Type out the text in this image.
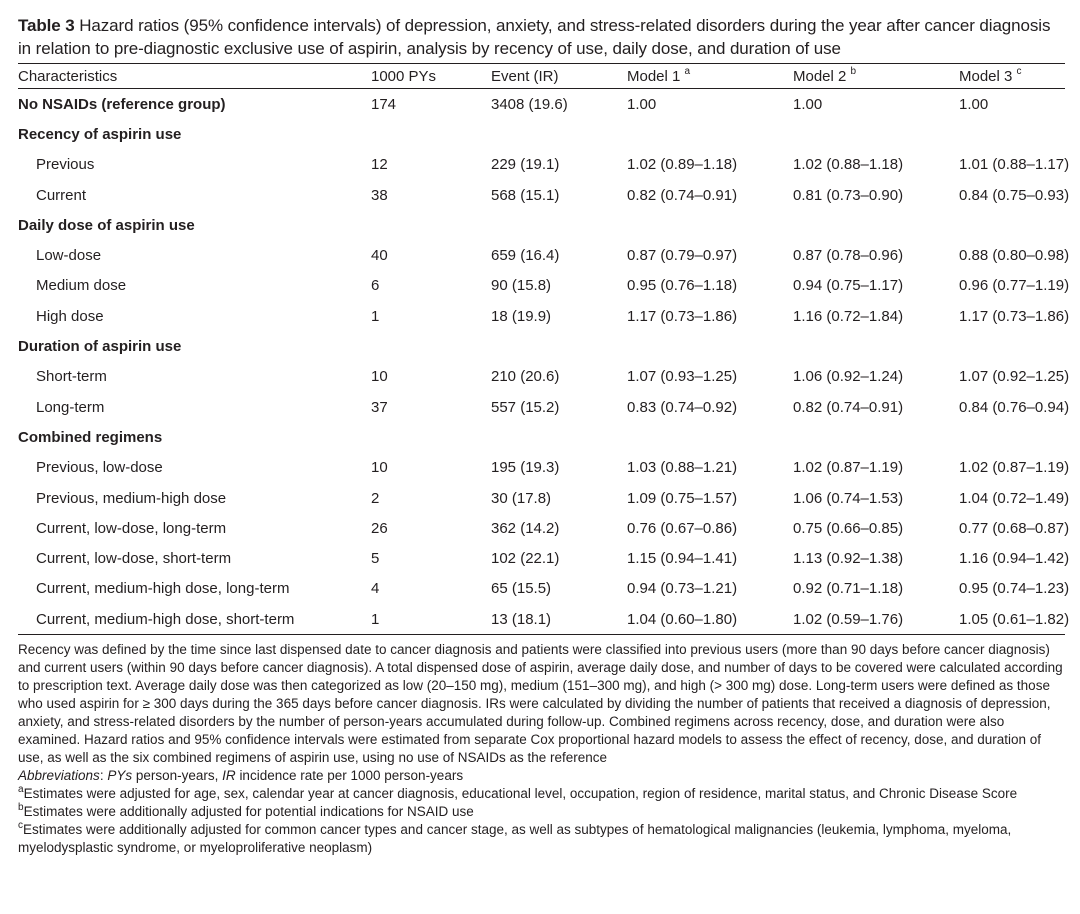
Table 3 Hazard ratios (95% confidence intervals) of depression, anxiety, and stress-related disorders during the year after cancer diagnosis in relation to pre-diagnostic exclusive use of aspirin, analysis by recency of use, daily dose, and duration of use
Characteristics	1000 PYs	Event (IR)	Model 1 $^a$	Model 2 $^b$	Model 3 $^c$
No NSAIDs (reference group)	174	3408 (19.6)	1.00	1.00	1.00
Recency of aspirin use					
Previous	12	229 (19.1)	1.02 (0.89–1.18)	1.02 (0.88–1.18)	1.01 (0.88–1.17)
Current	38	568 (15.1)	0.82 (0.74–0.91)	0.81 (0.73–0.90)	0.84 (0.75–0.93)
Daily dose of aspirin use					
Low-dose	40	659 (16.4)	0.87 (0.79–0.97)	0.87 (0.78–0.96)	0.88 (0.80–0.98)
Medium dose	6	90 (15.8)	0.95 (0.76–1.18)	0.94 (0.75–1.17)	0.96 (0.77–1.19)
High dose	1	18 (19.9)	1.17 (0.73–1.86)	1.16 (0.72–1.84)	1.17 (0.73–1.86)
Duration of aspirin use					
Short-term	10	210 (20.6)	1.07 (0.93–1.25)	1.06 (0.92–1.24)	1.07 (0.92–1.25)
Long-term	37	557 (15.2)	0.83 (0.74–0.92)	0.82 (0.74–0.91)	0.84 (0.76–0.94)
Combined regimens					
Previous, low-dose	10	195 (19.3)	1.03 (0.88–1.21)	1.02 (0.87–1.19)	1.02 (0.87–1.19)
Previous, medium-high dose	2	30 (17.8)	1.09 (0.75–1.57)	1.06 (0.74–1.53)	1.04 (0.72–1.49)
Current, low-dose, long-term	26	362 (14.2)	0.76 (0.67–0.86)	0.75 (0.66–0.85)	0.77 (0.68–0.87)
Current, low-dose, short-term	5	102 (22.1)	1.15 (0.94–1.41)	1.13 (0.92–1.38)	1.16 (0.94–1.42)
Current, medium-high dose, long-term	4	65 (15.5)	0.94 (0.73–1.21)	0.92 (0.71–1.18)	0.95 (0.74–1.23)
Current, medium-high dose, short-term	1	13 (18.1)	1.04 (0.60–1.80)	1.02 (0.59–1.76)	1.05 (0.61–1.82)

Recency was defined by the time since last dispensed date to cancer diagnosis and patients were classified into previous users (more than 90 days before cancer diagnosis) and current users (within 90 days before cancer diagnosis). A total dispensed dose of aspirin, average daily dose, and number of days to be covered were calculated according to prescription text. Average daily dose was then categorized as low (20–150 mg), medium (151–300 mg), and high (> 300 mg) dose. Long-term users were defined as those who used aspirin for ≥ 300 days during the 365 days before cancer diagnosis. IRs were calculated by dividing the number of patients that received a diagnosis of depression, anxiety, and stress-related disorders by the number of person-years accumulated during follow-up. Combined regimens across recency, dose, and duration were also examined. Hazard ratios and 95% confidence intervals were estimated from separate Cox proportional hazard models to assess the effect of recency, dose, and duration of use, as well as the six combined regimens of aspirin use, using no use of NSAIDs as the reference

Abbreviations: PYs person-years, IR incidence rate per 1000 person-years

$^a$Estimates were adjusted for age, sex, calendar year at cancer diagnosis, educational level, occupation, region of residence, marital status, and Chronic Disease Score

$^b$Estimates were additionally adjusted for potential indications for NSAID use

$^c$Estimates were additionally adjusted for common cancer types and cancer stage, as well as subtypes of hematological malignancies (leukemia, lymphoma, myeloma, myelodysplastic syndrome, or myeloproliferative neoplasm)
